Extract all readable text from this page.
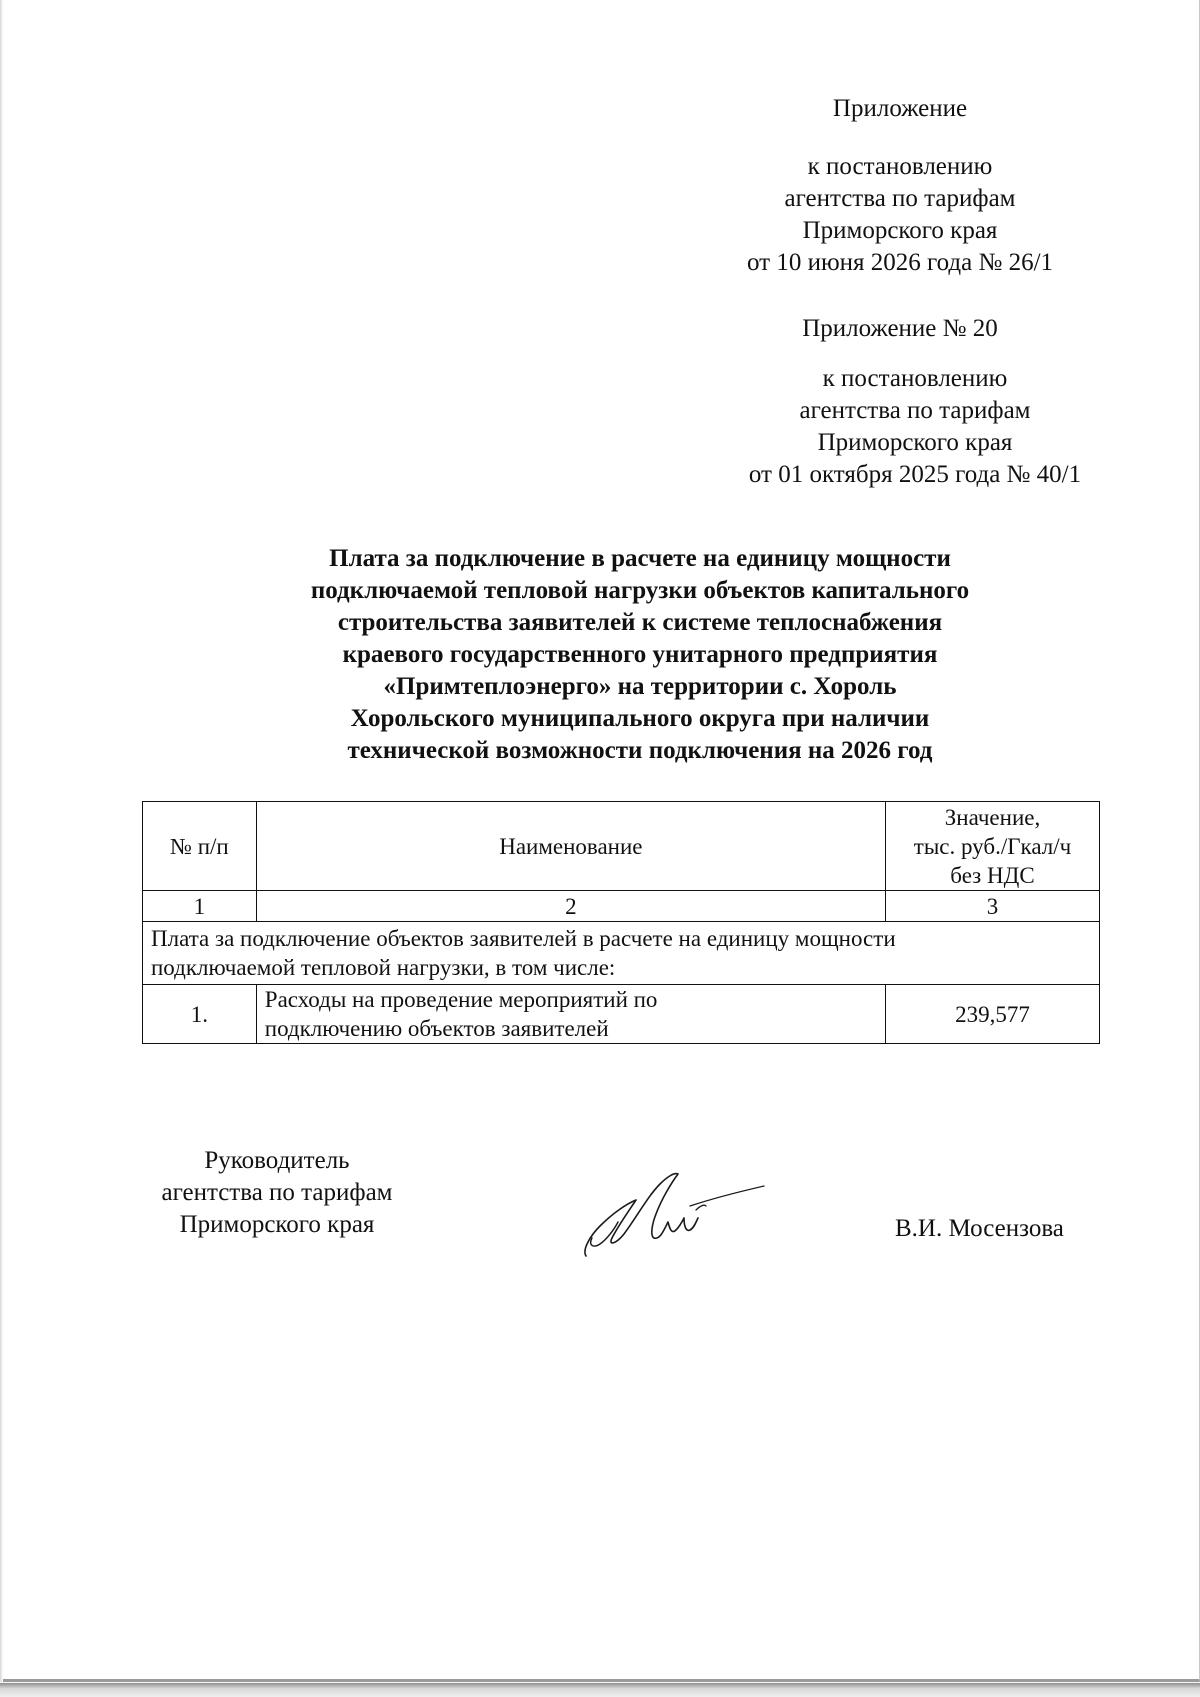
Приложение
к постановлению
агентства по тарифам
Приморского края
от 10 июня 2026 года № 26/1
Приложение № 20
к постановлению
агентства по тарифам
Приморского края
от 01 октября 2025 года № 40/1
Плата за подключение в расчете на единицу мощности
подключаемой тепловой нагрузки объектов капитального
строительства заявителей к системе теплоснабжения
краевого государственного унитарного предприятия
«Примтеплоэнерго» на территории с. Хороль
Хорольского муниципального округа при наличии
технической возможности подключения на 2026 год
№ п/п	Наименование	Значение,
тыс. руб./Гкал/ч
без НДС

1	2	3

Плата за подключение объектов заявителей в расчете на единицу мощности
подключаемой тепловой нагрузки, в том числе:		

1.	Расходы на проведение мероприятий по
подключению объектов заявителей	239,577
Руководитель
агентства по тарифам
Приморского края	В.И. Мосензова
